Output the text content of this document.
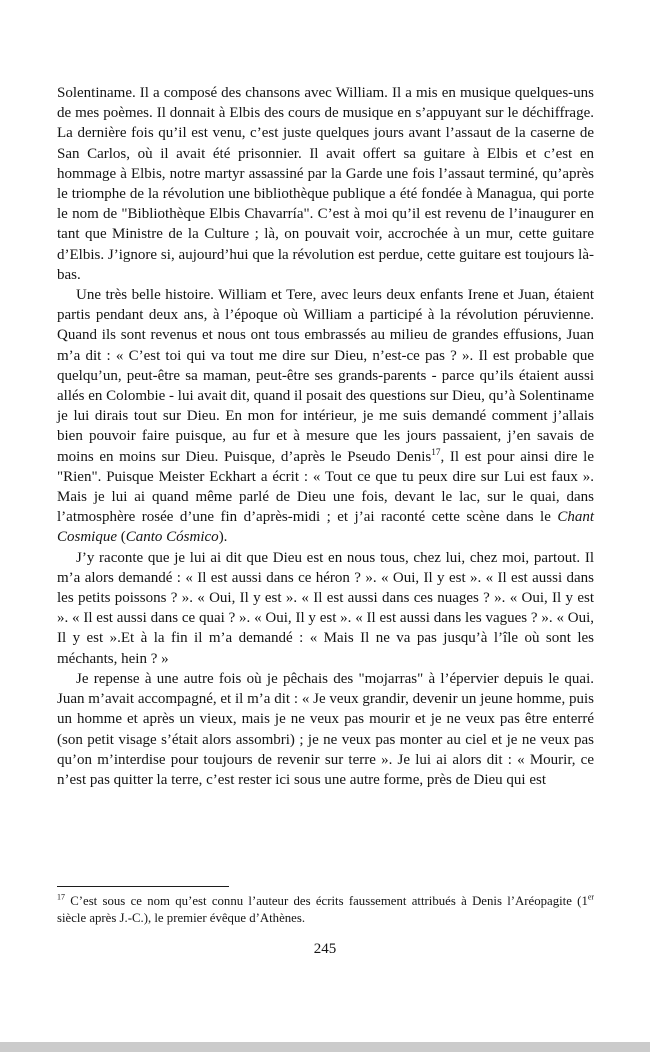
Solentiname. Il a composé des chansons avec William. Il a mis en musique quelques-uns de mes poèmes. Il donnait à Elbis des cours de musique en s’appuyant sur le déchiffrage. La dernière fois qu’il est venu, c’est juste quelques jours avant l’assaut de la caserne de San Carlos, où il avait été prisonnier. Il avait offert sa guitare à Elbis et c’est en hommage à Elbis, notre martyr assassiné par la Garde une fois l’assaut terminé, qu’après le triomphe de la révolution une bibliothèque publique a été fondée à Managua, qui porte le nom de "Bibliothèque Elbis Chavarría". C’est à moi qu’il est revenu de l’inaugurer en tant que Ministre de la Culture ; là, on pouvait voir, accrochée à un mur, cette guitare d’Elbis. J’ignore si, aujourd’hui que la révolution est perdue, cette guitare est toujours là-bas.

Une très belle histoire. William et Tere, avec leurs deux enfants Irene et Juan, étaient partis pendant deux ans, à l’époque où William a participé à la révolution péruvienne. Quand ils sont revenus et nous ont tous embrassés au milieu de grandes effusions, Juan m’a dit : « C’est toi qui va tout me dire sur Dieu, n’est-ce pas ? ». Il est probable que quelqu’un, peut-être sa maman, peut-être ses grands-parents - parce qu’ils étaient aussi allés en Colombie - lui avait dit, quand il posait des questions sur Dieu, qu’à Solentiname je lui dirais tout sur Dieu. En mon for intérieur, je me suis demandé comment j’allais bien pouvoir faire puisque, au fur et à mesure que les jours passaient, j’en savais de moins en moins sur Dieu. Puisque, d’après le Pseudo Denis$^{17}$, Il est pour ainsi dire le "Rien". Puisque Meister Eckhart a écrit : « Tout ce que tu peux dire sur Lui est faux ». Mais je lui ai quand même parlé de Dieu une fois, devant le lac, sur le quai, dans l’atmosphère rosée d’une fin d’après-midi ; et j’ai raconté cette scène dans le Chant Cosmique (Canto Cósmico).

J’y raconte que je lui ai dit que Dieu est en nous tous, chez lui, chez moi, partout. Il m’a alors demandé : « Il est aussi dans ce héron ? ». « Oui, Il y est ». « Il est aussi dans les petits poissons ? ». « Oui, Il y est ». « Il est aussi dans ces nuages ? ». « Oui, Il y est ». « Il est aussi dans ce quai ? ». « Oui, Il y est ». « Il est aussi dans les vagues ? ». « Oui, Il y est ».Et à la fin il m’a demandé : « Mais Il ne va pas jusqu’à l’île où sont les méchants, hein ? »

Je repense à une autre fois où je pêchais des "mojarras" à l’épervier depuis le quai. Juan m’avait accompagné, et il m’a dit : « Je veux grandir, devenir un jeune homme, puis un homme et après un vieux, mais je ne veux pas mourir et je ne veux pas être enterré (son petit visage s’était alors assombri) ; je ne veux pas monter au ciel et je ne veux pas qu’on m’interdise pour toujours de revenir sur terre ». Je lui ai alors dit : « Mourir, ce n’est pas quitter la terre, c’est rester ici sous une autre forme, près de Dieu qui est

$^{17}$ C’est sous ce nom qu’est connu l’auteur des écrits faussement attribués à Denis l’Aréopagite (1er siècle après J.-C.), le premier évêque d’Athènes.
245
